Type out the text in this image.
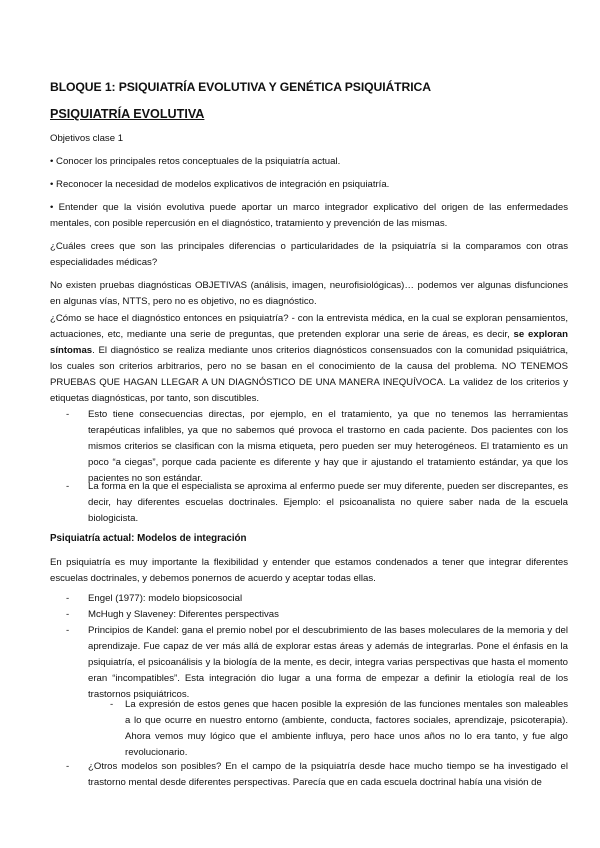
BLOQUE 1: PSIQUIATRÍA EVOLUTIVA Y GENÉTICA PSIQUIÁTRICA
PSIQUIATRÍA EVOLUTIVA

Objetivos clase 1

• Conocer los principales retos conceptuales de la psiquiatría actual.

• Reconocer la necesidad de modelos explicativos de integración en psiquiatría.

• Entender que la visión evolutiva puede aportar un marco integrador explicativo del origen de las enfermedades mentales, con posible repercusión en el diagnóstico, tratamiento y prevención de las mismas.

¿Cuáles crees que son las principales diferencias o particularidades de la psiquiatría si la comparamos con otras especialidades médicas?

No existen pruebas diagnósticas OBJETIVAS (análisis, imagen, neurofisiológicas)… podemos ver algunas disfunciones en algunas vías, NTTS, pero no es objetivo, no es diagnóstico.

¿Cómo se hace el diagnóstico entonces en psiquiatría? - con la entrevista médica, en la cual se exploran pensamientos, actuaciones, etc, mediante una serie de preguntas, que pretenden explorar una serie de áreas, es decir, se exploran síntomas. El diagnóstico se realiza mediante unos criterios diagnósticos consensuados con la comunidad psiquiátrica, los cuales son criterios arbitrarios, pero no se basan en el conocimiento de la causa del problema. NO TENEMOS PRUEBAS QUE HAGAN LLEGAR A UN DIAGNÓSTICO DE UNA MANERA INEQUÍVOCA. La validez de los criterios y etiquetas diagnósticas, por tanto, son discutibles.

- Esto tiene consecuencias directas, por ejemplo, en el tratamiento, ya que no tenemos las herramientas terapéuticas infalibles, ya que no sabemos qué provoca el trastorno en cada paciente. Dos pacientes con los mismos criterios se clasifican con la misma etiqueta, pero pueden ser muy heterogéneos. El tratamiento es un poco “a ciegas”, porque cada paciente es diferente y hay que ir ajustando el tratamiento estándar, ya que los pacientes no son estándar.

- La forma en la que el especialista se aproxima al enfermo puede ser muy diferente, pueden ser discrepantes, es decir, hay diferentes escuelas doctrinales. Ejemplo: el psicoanalista no quiere saber nada de la escuela biologicista.

Psiquiatría actual: Modelos de integración

En psiquiatría es muy importante la flexibilidad y entender que estamos condenados a tener que integrar diferentes escuelas doctrinales, y debemos ponernos de acuerdo y aceptar todas ellas.

- Engel (1977): modelo biopsicosocial

- McHugh y Slaveney: Diferentes perspectivas

- Principios de Kandel: gana el premio nobel por el descubrimiento de las bases moleculares de la memoria y del aprendizaje. Fue capaz de ver más allá de explorar estas áreas y además de integrarlas. Pone el énfasis en la psiquiatría, el psicoanálisis y la biología de la mente, es decir, integra varias perspectivas que hasta el momento eran “incompatibles”. Esta integración dio lugar a una forma de empezar a definir la etiología real de los trastornos psiquiátricos.

- La expresión de estos genes que hacen posible la expresión de las funciones mentales son maleables a lo que ocurre en nuestro entorno (ambiente, conducta, factores sociales, aprendizaje, psicoterapia). Ahora vemos muy lógico que el ambiente influya, pero hace unos años no lo era tanto, y fue algo revolucionario.

- ¿Otros modelos son posibles? En el campo de la psiquiatría desde hace mucho tiempo se ha investigado el trastorno mental desde diferentes perspectivas. Parecía que en cada escuela doctrinal había una visión de
